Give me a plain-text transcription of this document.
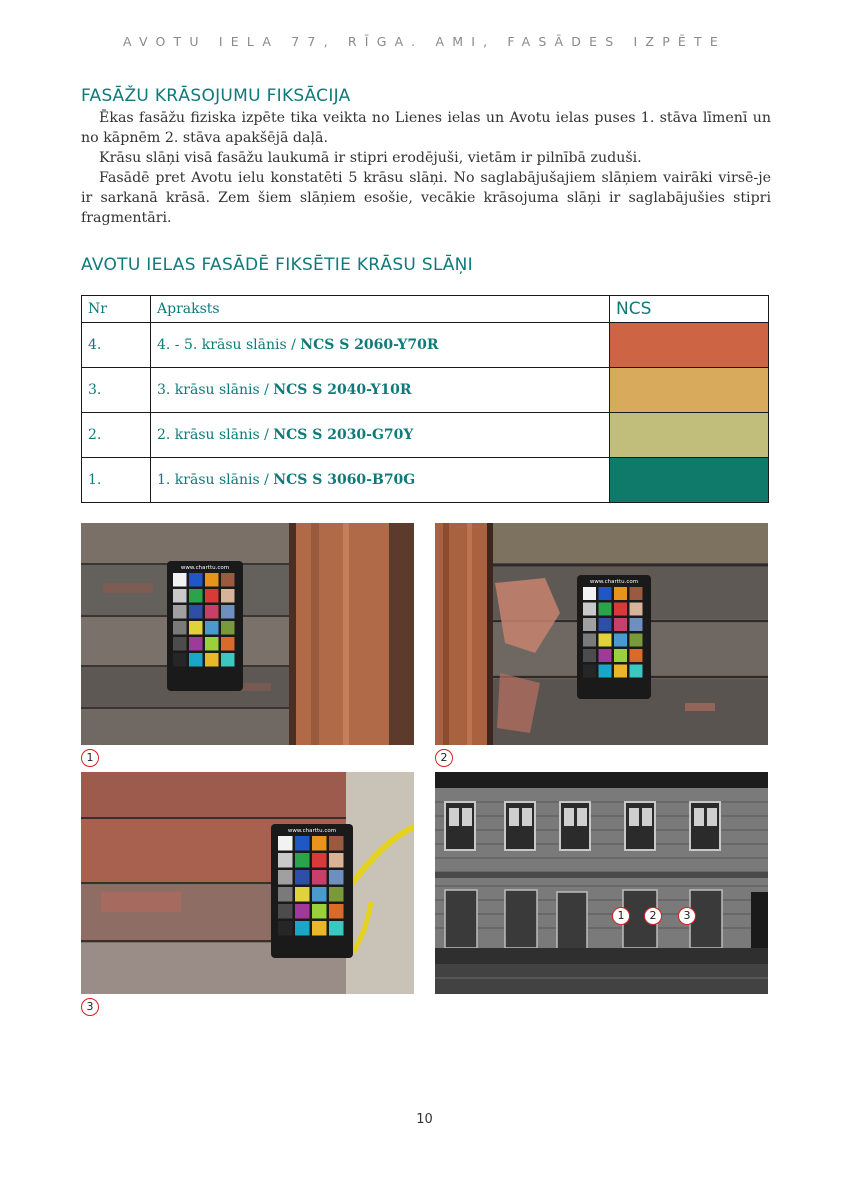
AVOTU IELA 77, RĪGA. AMI, FASĀDES IZPĒTE
FASĀŽU KRĀSOJUMU FIKSĀCIJA

Ēkas fasāžu fiziska izpēte tika veikta no Lienes ielas un Avotu ielas puses 1. stāva līmenī un no kāpnēm 2. stāva apakšējā daļā.

Krāsu slāņi visā fasāžu laukumā ir stipri erodējuši, vietām ir pilnībā zuduši.

Fasādē pret Avotu ielu konstatēti 5 krāsu slāņi. No saglabājušajiem slāņiem vairāki virsē-je ir sarkanā krāsā. Zem šiem slāņiem esošie, vecākie krāsojuma slāņi ir saglabājušies stipri fragmentāri.

AVOTU IELAS FASĀDĒ FIKSĒTIE KRĀSU SLĀŅI
Nr	Apraksts	NCS
4.	4. - 5. krāsu slānis / NCS S 2060-Y70R	

3.	3. krāsu slānis / NCS S 2040-Y10R	

2.	2. krāsu slānis / NCS S 2030-G70Y	

1.	1. krāsu slānis / NCS S 3060-B70G	
www.charttu.com
1
www.charttu.com
2
www.charttu.com
3
1	2	3
10
